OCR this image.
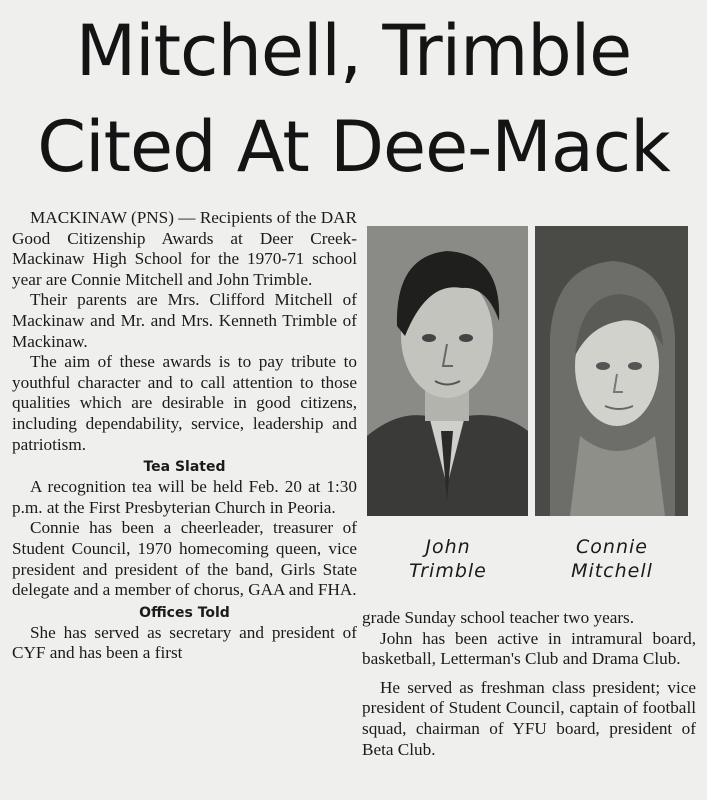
Mitchell, Trimble
Cited At Dee-Mack

MACKINAW (PNS) — Recipients of the DAR Good Citizenship Awards at Deer Creek-Mackinaw High School for the 1970-71 school year are Connie Mitchell and John Trimble.

Their parents are Mrs. Clifford Mitchell of Mackinaw and Mr. and Mrs. Kenneth Trimble of Mackinaw.

The aim of these awards is to pay tribute to youthful character and to call attention to those qualities which are desirable in good citizens, including dependability, service, leadership and patriotism.

Tea Slated

A recognition tea will be held Feb. 20 at 1:30 p.m. at the First Presbyterian Church in Peoria.

Connie has been a cheerleader, treasurer of Student Council, 1970 homecoming queen, vice president and president of the band, Girls State delegate and a member of chorus, GAA and FHA.

Offices Told

She has served as secretary and president of CYF and has been a first

John
Trimble
Connie
Mitchell

grade Sunday school teacher two years.

John has been active in intramural board, basketball, Letterman's Club and Drama Club.

He served as freshman class president; vice president of Student Council, captain of football squad, chairman of YFU board, president of Beta Club.
